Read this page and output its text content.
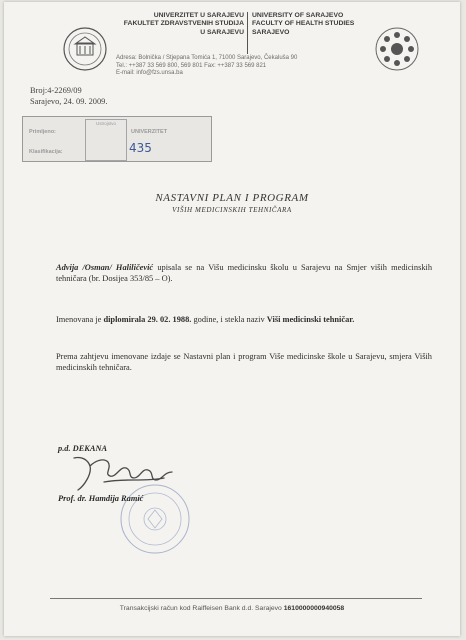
UNIVERZITET U SARAJEVU
FAKULTET ZDRAVSTVENIH STUDIJA
U SARAJEVU
UNIVERSITY OF SARAJEVO
FACULTY OF HEALTH STUDIES
SARAJEVO
Adresa: Bolnička / Stjepana Tomića 1, 71000 Sarajevo, Čekaluša 90
Tel.: ++387 33 569 800, 569 801 Fax: ++387 33 569 821
E-mail: info@fzs.unsa.ba
Broj:4-2269/09
Sarajevo, 24. 09. 2009.
Primljeno:
Klasifikacija:
Ustrojstvo
UNIVERZITET
435
NASTAVNI PLAN I PROGRAM
VIŠIH MEDICINSKIH TEHNIČARA
Advija /Osman/ Haliličević upisala se na Višu medicinsku školu u Sarajevu na Smjer viših medicinskih tehničara (br. Dosijea 353/85 – O).
Imenovana je diplomirala 29. 02. 1988. godine, i stekla naziv Viši medicinski tehničar.
Prema zahtjevu imenovane izdaje se Nastavni plan i program Više medicinske škole u Sarajevu, smjera Viših medicinskih tehničara.
p.d. DEKANA
Prof. dr. Hamdija Ramić
Transakcijski račun kod Raiffeisen Bank d.d. Sarajevo 1610000000940058
